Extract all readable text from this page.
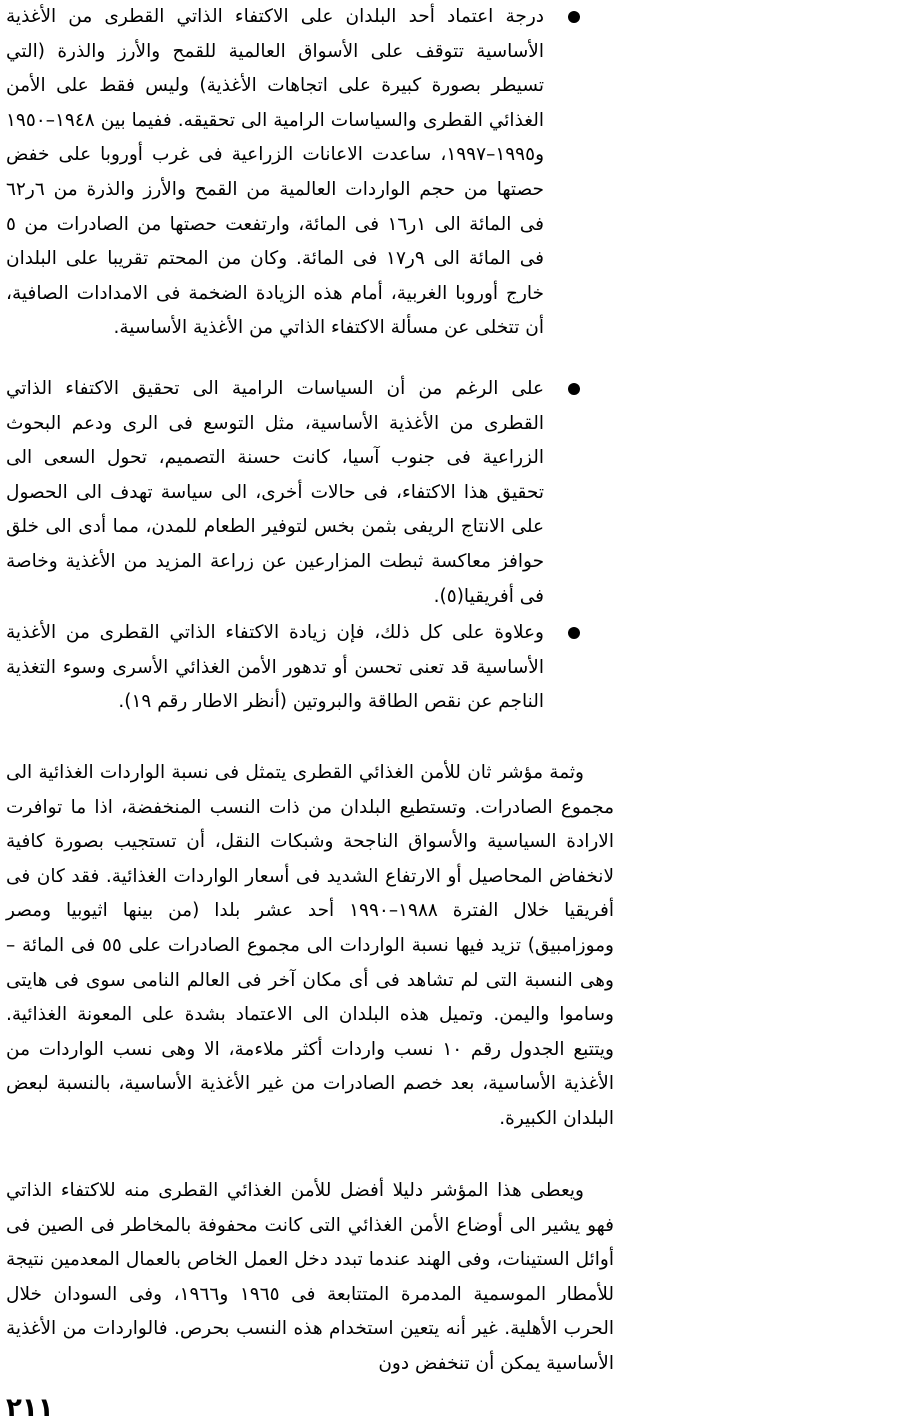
درجة اعتماد أحد البلدان على الاكتفاء الذاتي القطرى من الأغذية الأساسية تتوقف على الأسواق العالمية للقمح والأرز والذرة (التي تسيطر بصورة كبيرة على اتجاهات الأغذية) وليس فقط على الأمن الغذائي القطرى والسياسات الرامية الى تحقيقه. ففيما بين ١٩٤٨–١٩٥٠ و١٩٩٥–١٩٩٧، ساعدت الاعانات الزراعية فى غرب أوروبا على خفض حصتها من حجم الواردات العالمية من القمح والأرز والذرة من ٦ر٦٢ فى المائة الى ١ر١٦ فى المائة، وارتفعت حصتها من الصادرات من ٥ فى المائة الى ٩ر١٧ فى المائة. وكان من المحتم تقريبا على البلدان خارج أوروبا الغربية، أمام هذه الزيادة الضخمة فى الامدادات الصافية، أن تتخلى عن مسألة الاكتفاء الذاتي من الأغذية الأساسية.
على الرغم من أن السياسات الرامية الى تحقيق الاكتفاء الذاتي القطرى من الأغذية الأساسية، مثل التوسع فى الرى ودعم البحوث الزراعية فى جنوب آسيا، كانت حسنة التصميم، تحول السعى الى تحقيق هذا الاكتفاء، فى حالات أخرى، الى سياسة تهدف الى الحصول على الانتاج الريفى بثمن بخس لتوفير الطعام للمدن، مما أدى الى خلق حوافز معاكسة ثبطت المزارعين عن زراعة المزيد من الأغذية وخاصة فى أفريقيا(٥).
وعلاوة على كل ذلك، فإن زيادة الاكتفاء الذاتي القطرى من الأغذية الأساسية قد تعنى تحسن أو تدهور الأمن الغذائي الأسرى وسوء التغذية الناجم عن نقص الطاقة والبروتين (أنظر الاطار رقم ١٩).

وثمة مؤشر ثان للأمن الغذائي القطرى يتمثل فى نسبة الواردات الغذائية الى مجموع الصادرات. وتستطيع البلدان من ذات النسب المنخفضة، اذا ما توافرت الارادة السياسية والأسواق الناجحة وشبكات النقل، أن تستجيب بصورة كافية لانخفاض المحاصيل أو الارتفاع الشديد فى أسعار الواردات الغذائية. فقد كان فى أفريقيا خلال الفترة ١٩٨٨–١٩٩٠ أحد عشر بلدا (من بينها اثيوبيا ومصر وموزامبيق) تزيد فيها نسبة الواردات الى مجموع الصادرات على ٥٥ فى المائة – وهى النسبة التى لم تشاهد فى أى مكان آخر فى العالم النامى سوى فى هايتى وساموا واليمن. وتميل هذه البلدان الى الاعتماد بشدة على المعونة الغذائية. ويتتبع الجدول رقم ١٠ نسب واردات أكثر ملاءمة، الا وهى نسب الواردات من الأغذية الأساسية، بعد خصم الصادرات من غير الأغذية الأساسية، بالنسبة لبعض البلدان الكبيرة.

ويعطى هذا المؤشر دليلا أفضل للأمن الغذائي القطرى منه للاكتفاء الذاتي فهو يشير الى أوضاع الأمن الغذائي التى كانت محفوفة بالمخاطر فى الصين فى أوائل الستينات، وفى الهند عندما تبدد دخل العمل الخاص بالعمال المعدمين نتيجة للأمطار الموسمية المدمرة المتتابعة فى ١٩٦٥ و١٩٦٦، وفى السودان خلال الحرب الأهلية. غير أنه يتعين استخدام هذه النسب بحرص. فالواردات من الأغذية الأساسية يمكن أن تنخفض دون

٢١١
